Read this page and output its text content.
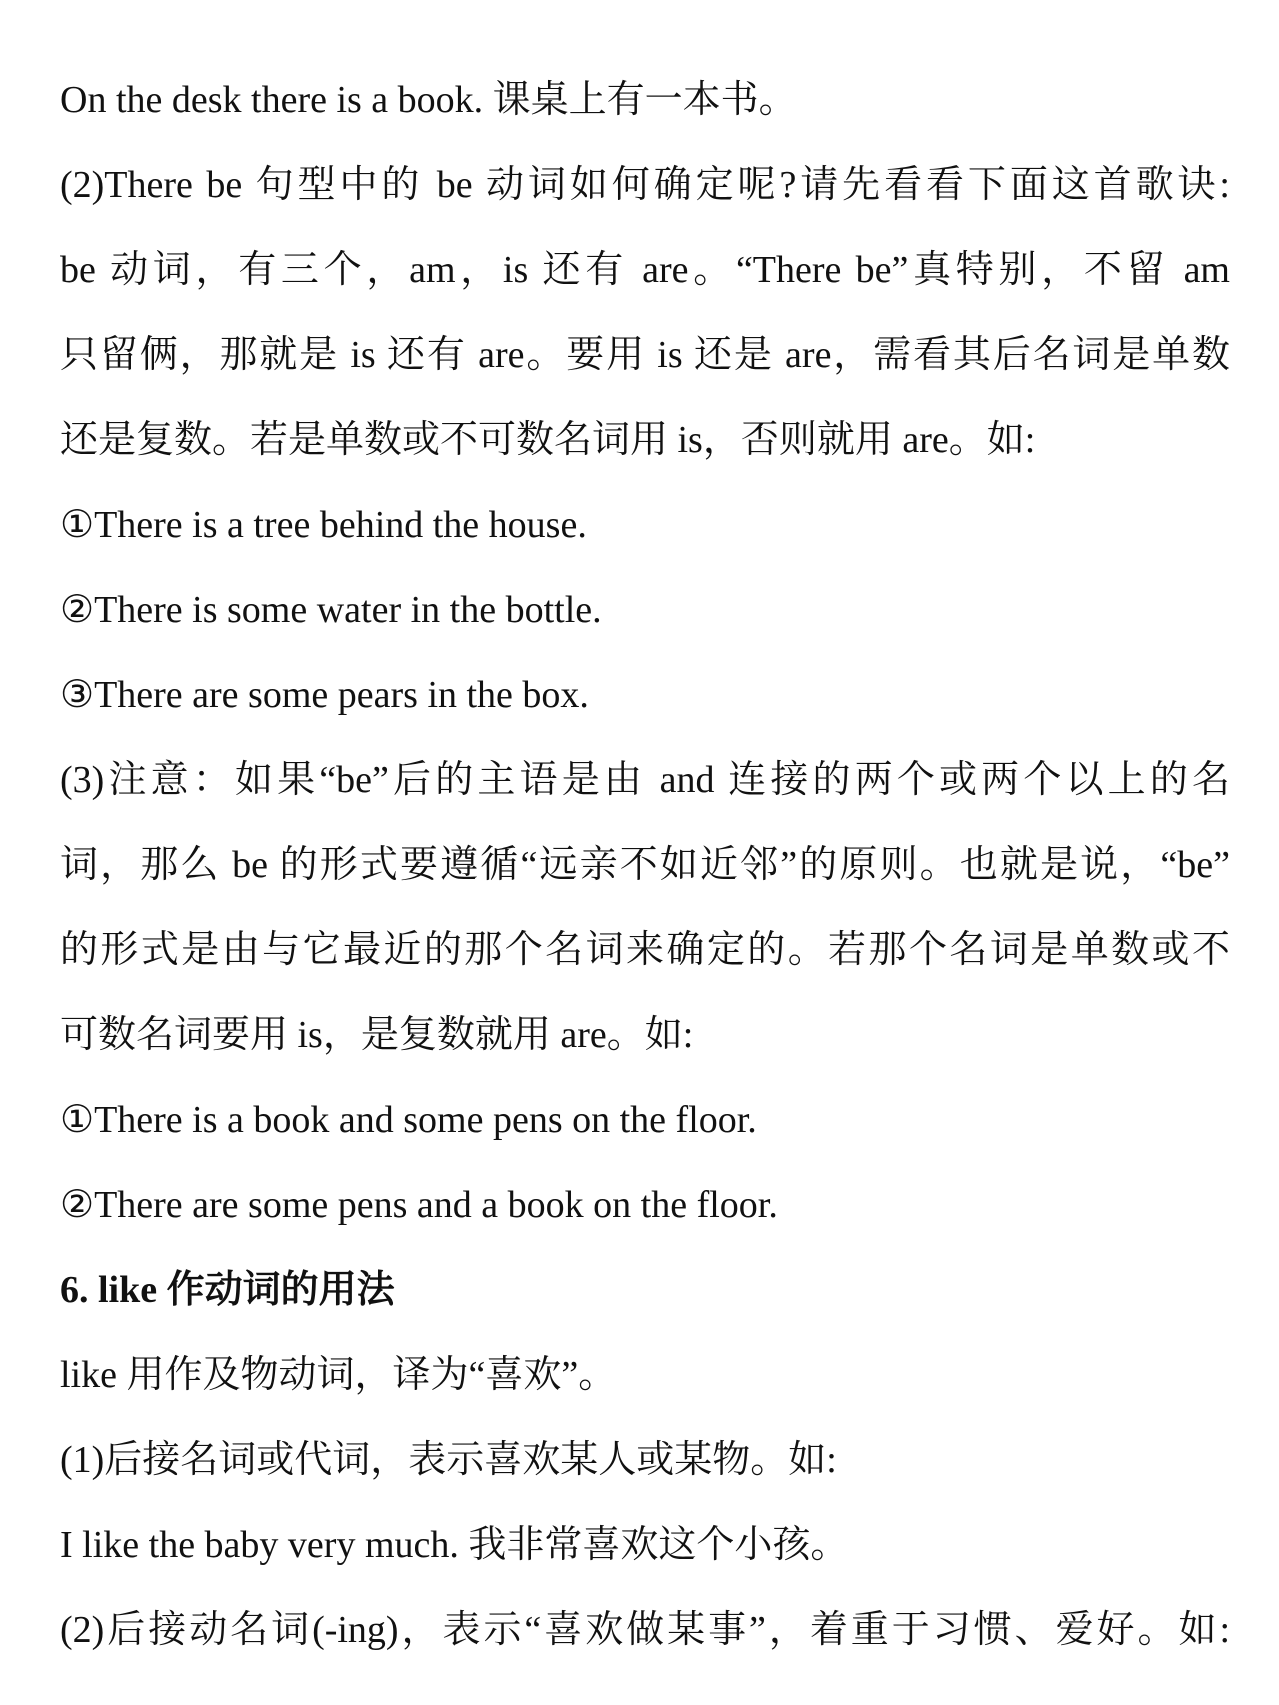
On the desk there is a book. 课桌上有一本书。
(2)There be 句型中的 be 动词如何确定呢?请先看看下面这首歌诀:
be 动词，有三个，am，is 还有 are。“There be”真特别，不留 am
只留俩，那就是 is 还有 are。要用 is 还是 are，需看其后名词是单数
还是复数。若是单数或不可数名词用 is，否则就用 are。如:
①There is a tree behind the house.
②There is some water in the bottle.
③There are some pears in the box.
(3)注意：如果“be”后的主语是由 and 连接的两个或两个以上的名
词，那么 be 的形式要遵循“远亲不如近邻”的原则。也就是说，“be”
的形式是由与它最近的那个名词来确定的。若那个名词是单数或不
可数名词要用 is，是复数就用 are。如:
①There is a book and some pens on the floor.
②There are some pens and a book on the floor.
6. like 作动词的用法
like 用作及物动词，译为“喜欢”。
(1)后接名词或代词，表示喜欢某人或某物。如:
I like the baby very much. 我非常喜欢这个小孩。
(2)后接动名词(-ing)，表示“喜欢做某事”，着重于习惯、爱好。如:
